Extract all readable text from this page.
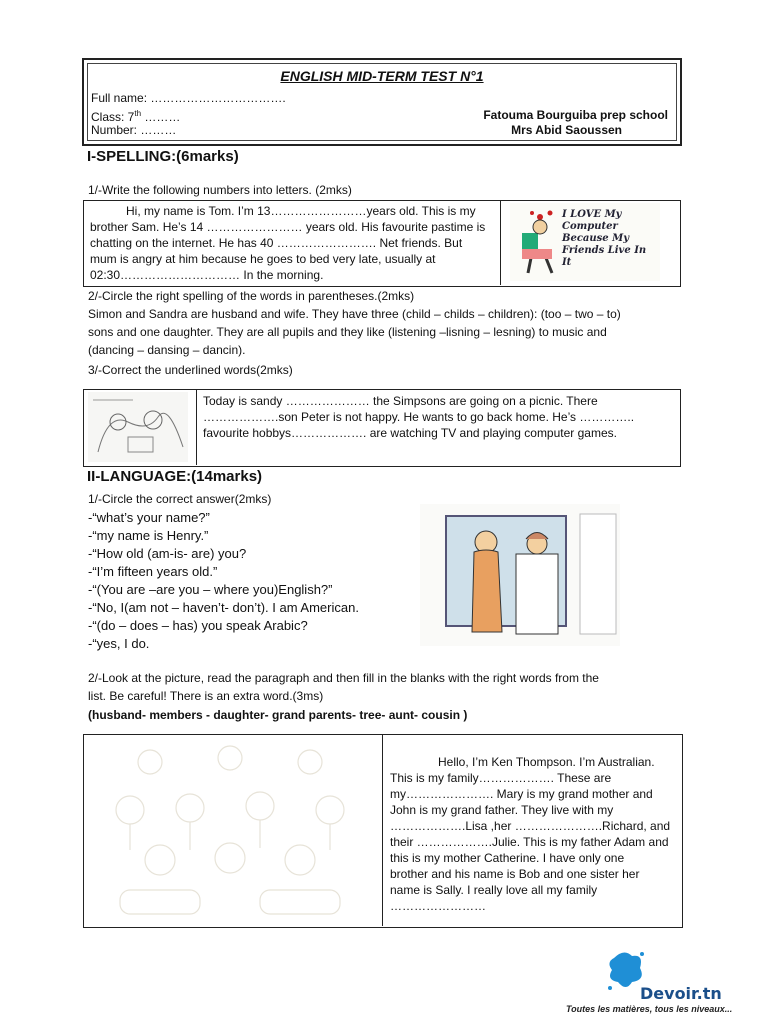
ENGLISH MID-TERM TEST N°1
Full name: …………………………….
Class: 7th ………
Number: ………
Fatouma Bourguiba prep school
Mrs Abid Saoussen
I-SPELLING:(6marks)
1/-Write the following numbers into letters. (2mks)
Hi, my name is Tom. I’m 13……………………years old. This is my
brother Sam. He’s 14 …………………… years old. His favourite pastime is
chatting on the internet. He has 40 ……………………. Net friends. But
mum is angry at him because he goes to bed very late, usually at
02:30………………………… In the morning.
I LOVE My Computer Because My Friends Live In It
2/-Circle the right spelling of the words in parentheses.(2mks)
Simon and Sandra are husband and wife. They have three (child – childs – children): (too – two – to)
sons and one daughter. They are all pupils and they like (listening –lisning – lesning) to music and
(dancing – dansing – dancin).
3/-Correct the underlined words(2mks)
Today is sandy ………………… the Simpsons are going on a picnic. There
……………….son Peter is not happy. He wants to go back home. He’s …………..
favourite hobbys………………. are watching TV and playing computer games.
II-LANGUAGE:(14marks)
1/-Circle the correct answer(2mks)
-“what’s your name?”
-“my name is Henry.”
-“How old (am-is- are) you?
-“I’m fifteen years old.”
-“(You are –are you – where you)English?”
-“No, I(am not – haven’t- don’t). I am American.
-“(do – does – has) you speak Arabic?
-“yes, I do.
2/-Look at the picture, read the paragraph and then fill in the blanks with the right words from the
list. Be careful! There is an extra word.(3ms)
(husband- members - daughter- grand parents- tree- aunt- cousin )
Hello, I’m Ken Thompson. I’m Australian.
This is my family………………. These are
my…………………. Mary is my grand mother and
John is my grand father. They live with my
……………….Lisa ,her ………………….Richard, and
their ……………….Julie. This is my father Adam and
this is my mother Catherine. I have only one
brother and his name is Bob and one sister her
name is Sally. I really love all my family
……………………
Devoir.tn
Toutes les matières, tous les niveaux...
